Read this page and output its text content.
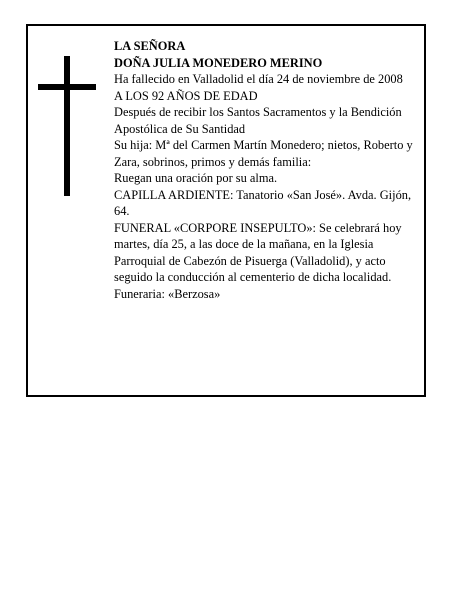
LA SEÑORA

DOÑA JULIA MONEDERO MERINO

Ha fallecido en Valladolid el día 24 de noviembre de 2008

A LOS 92 AÑOS DE EDAD

Después de recibir los Santos Sacramentos y la Bendición Apostólica de Su Santidad

Su hija: Mª del Carmen Martín Monedero; nietos, Roberto y Zara, sobrinos, primos y demás familia:

Ruegan una oración por su alma.

CAPILLA ARDIENTE: Tanatorio «San José». Avda. Gijón, 64.

FUNERAL «CORPORE INSEPULTO»: Se celebrará hoy martes, día 25, a las doce de la mañana, en la Iglesia Parroquial de Cabezón de Pisuerga (Valladolid), y acto seguido la conducción al cementerio de dicha localidad.

Funeraria: «Berzosa»
